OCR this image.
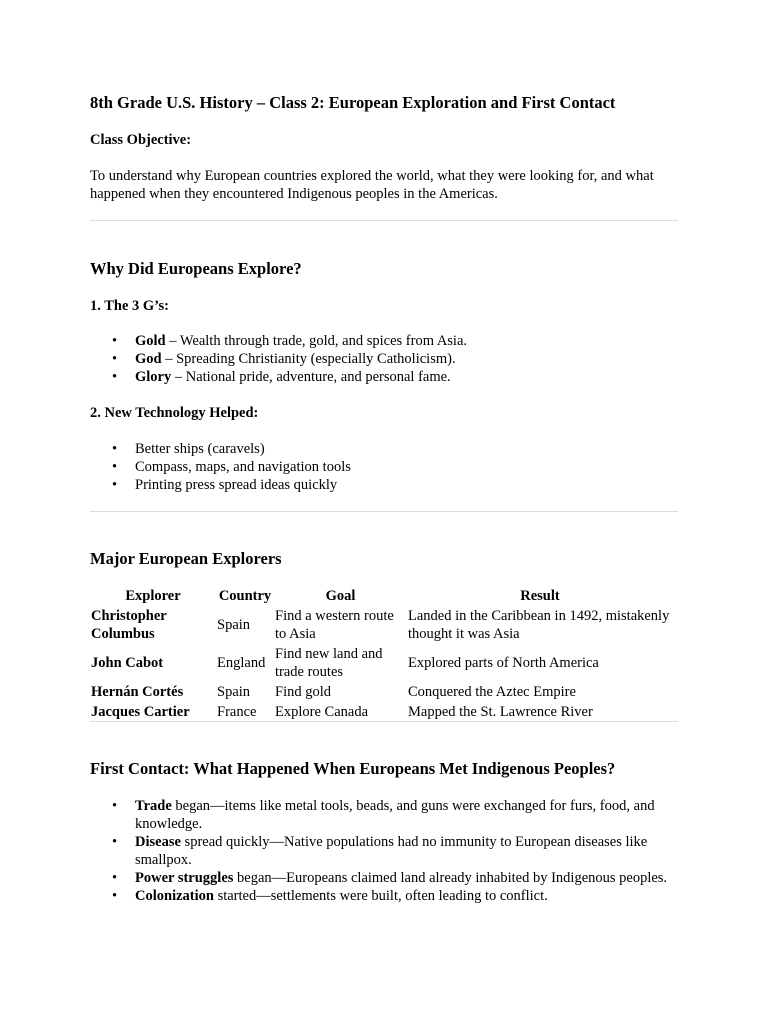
8th Grade U.S. History – Class 2: European Exploration and First Contact

Class Objective:

To understand why European countries explored the world, what they were looking for, and what happened when they encountered Indigenous peoples in the Americas.

Why Did Europeans Explore?

1. The 3 G’s:

• Gold – Wealth through trade, gold, and spices from Asia.
• God – Spreading Christianity (especially Catholicism).
• Glory – National pride, adventure, and personal fame.

2. New Technology Helped:

• Better ships (caravels)
• Compass, maps, and navigation tools
• Printing press spread ideas quickly
Major European Explorers
Explorer	Country	Goal	Result
Christopher Columbus	Spain	Find a western route to Asia	Landed in the Caribbean in 1492, mistakenly thought it was Asia
John Cabot	England	Find new land and trade routes	Explored parts of North America
Hernán Cortés	Spain	Find gold	Conquered the Aztec Empire
Jacques Cartier	France	Explore Canada	Mapped the St. Lawrence River
First Contact: What Happened When Europeans Met Indigenous Peoples?
• Trade began—items like metal tools, beads, and guns were exchanged for furs, food, and knowledge.
• Disease spread quickly—Native populations had no immunity to European diseases like smallpox.
• Power struggles began—Europeans claimed land already inhabited by Indigenous peoples.
• Colonization started—settlements were built, often leading to conflict.
